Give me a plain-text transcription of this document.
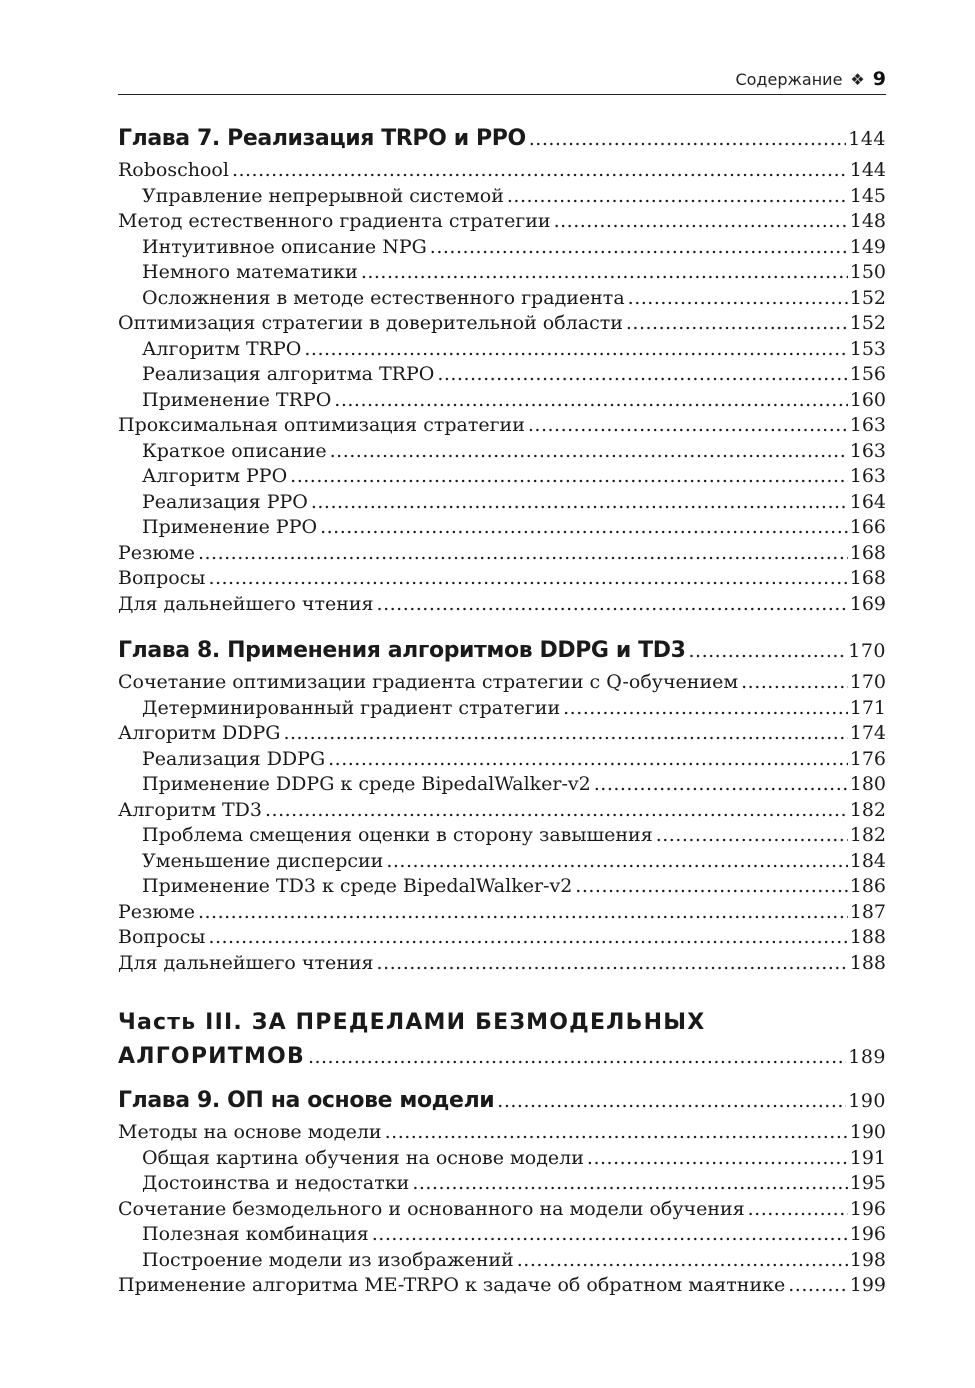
Содержание ❖ 9
Глава 7. Реализация TRPO и PPO .....	144
Roboschool .....	144
Управление непрерывной системой .....	145
Метод естественного градиента стратегии .....	148
Интуитивное описание NPG .....	149
Немного математики .....	150
Осложнения в методе естественного градиента .....	152
Оптимизация стратегии в доверительной области .....	152
Алгоритм TRPO .....	153
Реализация алгоритма TRPO .....	156
Применение TRPO .....	160
Проксимальная оптимизация стратегии .....	163
Краткое описание .....	163
Алгоритм PPO .....	163
Реализация PPO .....	164
Применение PPO .....	166
Резюме .....	168
Вопросы .....	168
Для дальнейшего чтения .....	169
Глава 8. Применения алгоритмов DDPG и TD3 .....	170
Сочетание оптимизации градиента стратегии с Q-обучением .....	170
Детерминированный градиент стратегии .....	171
Алгоритм DDPG .....	174
Реализация DDPG .....	176
Применение DDPG к среде BipedalWalker-v2 .....	180
Алгоритм TD3 .....	182
Проблема смещения оценки в сторону завышения .....	182
Уменьшение дисперсии .....	184
Применение TD3 к среде BipedalWalker-v2 .....	186
Резюме .....	187
Вопросы .....	188
Для дальнейшего чтения .....	188
Часть III. ЗА ПРЕДЕЛАМИ БЕЗМОДЕЛЬНЫХ
АЛГОРИТМОВ .....	189
Глава 9. ОП на основе модели .....	190
Методы на основе модели .....	190
Общая картина обучения на основе модели .....	191
Достоинства и недостатки .....	195
Сочетание безмодельного и основанного на модели обучения .....	196
Полезная комбинация .....	196
Построение модели из изображений .....	198
Применение алгоритма ME-TRPO к задаче об обратном маятнике .....	199
